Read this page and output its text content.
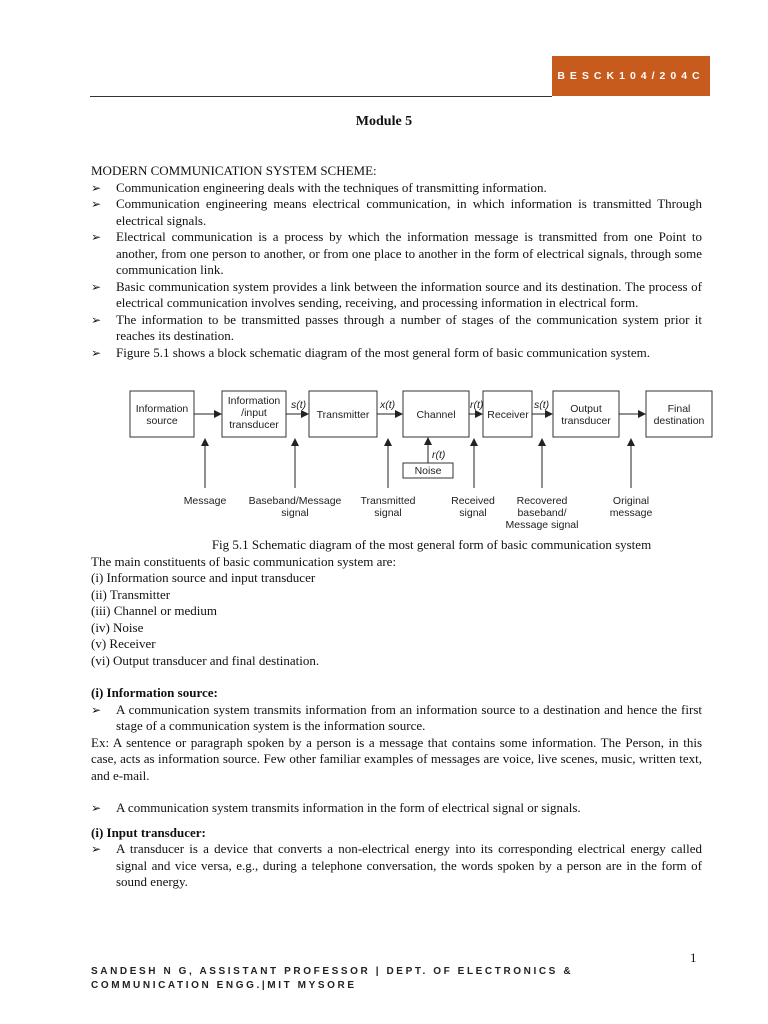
BESCK104/204C
Module 5

MODERN COMMUNICATION SYSTEM SCHEME:

➢ Communication engineering deals with the techniques of transmitting information.

➢ Communication engineering means electrical communication, in which information is transmitted Through electrical signals.

➢ Electrical communication is a process by which the information message is transmitted from one Point to another, from one person to another, or from one place to another in the form of electrical signals, through some communication link.

➢ Basic communication system provides a link between the information source and its destination. The process of electrical communication involves sending, receiving, and processing information in electrical form.

➢ The information to be transmitted passes through a number of stages of the communication system prior it reaches its destination.

➢ Figure 5.1 shows a block schematic diagram of the most general form of basic communication system.

Information
source
Information
/input
transducer
Transmitter	Channel	Receiver	Output
transducer
Final
destination
Noise
s(t)	x(t)	r(t)	s(t)
r(t)
Message Baseband/Message
signal
Transmitted
signal
Received
signal
Recovered
baseband/
Message signal
Original
message

Fig 5.1 Schematic diagram of the most general form of basic communication system

The main constituents of basic communication system are:

(i) Information source and input transducer

(ii) Transmitter

(iii) Channel or medium

(iv) Noise

(v) Receiver

(vi) Output transducer and final destination.

(i) Information source:

➢ A communication system transmits information from an information source to a destination and hence the first stage of a communication system is the information source.

Ex: A sentence or paragraph spoken by a person is a message that contains some information. The Person, in this case, acts as information source. Few other familiar examples of messages are voice, live scenes, music, written text, and e-mail.

➢ A communication system transmits information in the form of electrical signal or signals.

(i) Input transducer:

➢ A transducer is a device that converts a non-electrical energy into its corresponding electrical energy called signal and vice versa, e.g., during a telephone conversation, the words spoken by a person are in the form of sound energy.

1
SANDESH N G, ASSISTANT PROFESSOR | DEPT. OF ELECTRONICS & COMMUNICATION ENGG.|MIT MYSORE
